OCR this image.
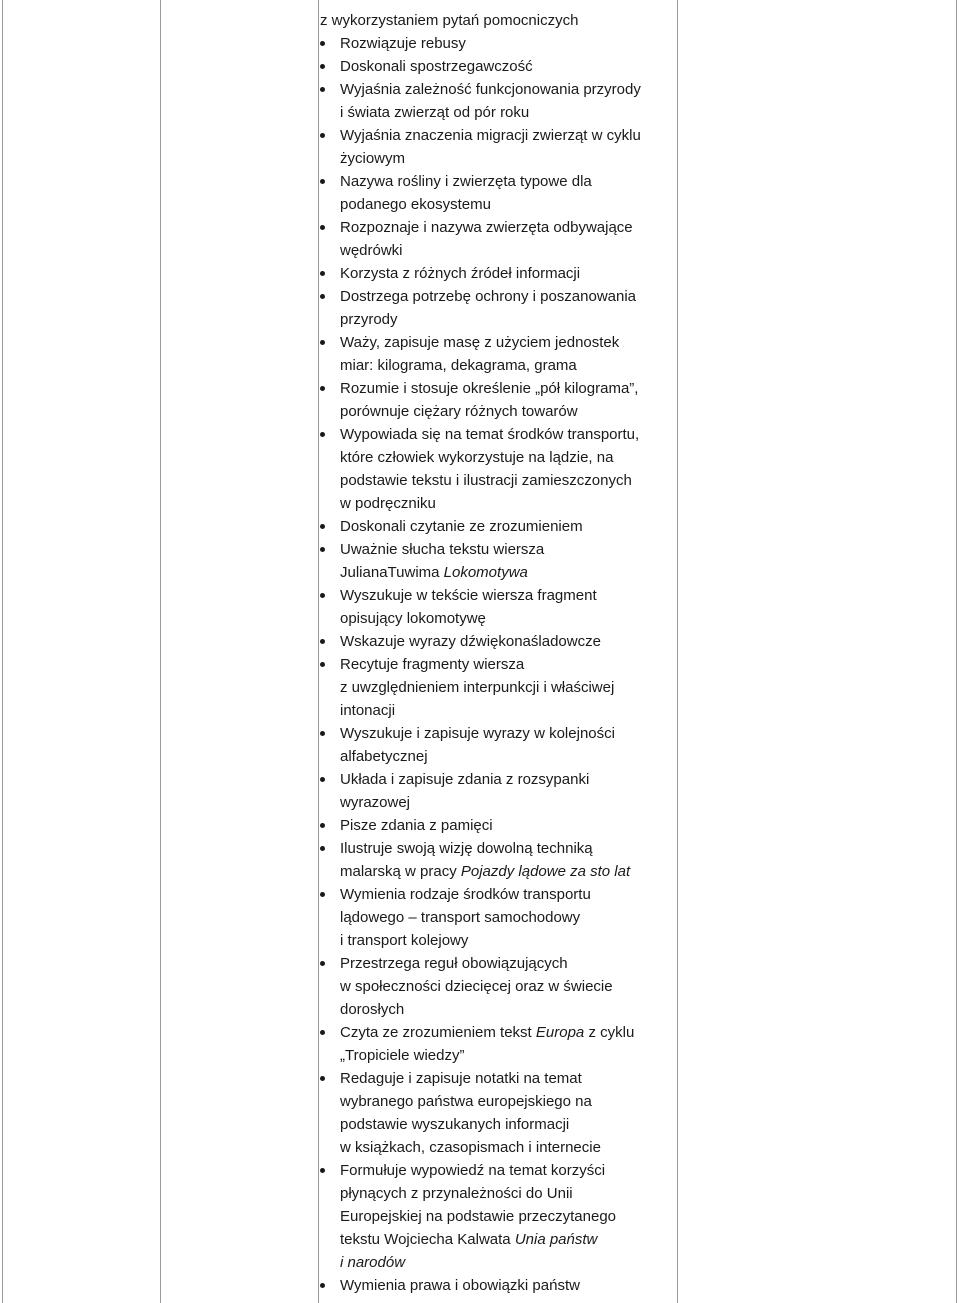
z wykorzystaniem pytań pomocniczych

Rozwiązuje rebusy
Doskonali spostrzegawczość
Wyjaśnia zależność funkcjonowania przyrody
i świata zwierząt od pór roku
Wyjaśnia znaczenia migracji zwierząt w cyklu
życiowym
Nazywa rośliny i zwierzęta typowe dla
podanego ekosystemu
Rozpoznaje i nazywa zwierzęta odbywające
wędrówki
Korzysta z różnych źródeł informacji
Dostrzega potrzebę ochrony i poszanowania
przyrody
Waży, zapisuje masę z użyciem jednostek
miar: kilograma, dekagrama, grama
Rozumie i stosuje określenie „pół kilograma”,
porównuje ciężary różnych towarów
Wypowiada się na temat środków transportu,
które człowiek wykorzystuje na lądzie, na
podstawie tekstu i ilustracji zamieszczonych
w podręczniku
Doskonali czytanie ze zrozumieniem
Uważnie słucha tekstu wiersza
JulianaTuwima Lokomotywa
Wyszukuje w tekście wiersza fragment
opisujący lokomotywę
Wskazuje wyrazy dźwiękonaśladowcze
Recytuje fragmenty wiersza
z uwzględnieniem interpunkcji i właściwej
intonacji
Wyszukuje i zapisuje wyrazy w kolejności
alfabetycznej
Układa i zapisuje zdania z rozsypanki
wyrazowej
Pisze zdania z pamięci
Ilustruje swoją wizję dowolną techniką
malarską w pracy Pojazdy lądowe za sto lat
Wymienia rodzaje środków transportu
lądowego – transport samochodowy
i transport kolejowy
Przestrzega reguł obowiązujących
w społeczności dziecięcej oraz w świecie
dorosłych
Czyta ze zrozumieniem tekst Europa z cyklu
„Tropiciele wiedzy”
Redaguje i zapisuje notatki na temat
wybranego państwa europejskiego na
podstawie wyszukanych informacji
w książkach, czasopismach i internecie
Formułuje wypowiedź na temat korzyści
płynących z przynależności do Unii
Europejskiej na podstawie przeczytanego
tekstu Wojciecha Kalwata Unia państw
i narodów
Wymienia prawa i obowiązki państw
